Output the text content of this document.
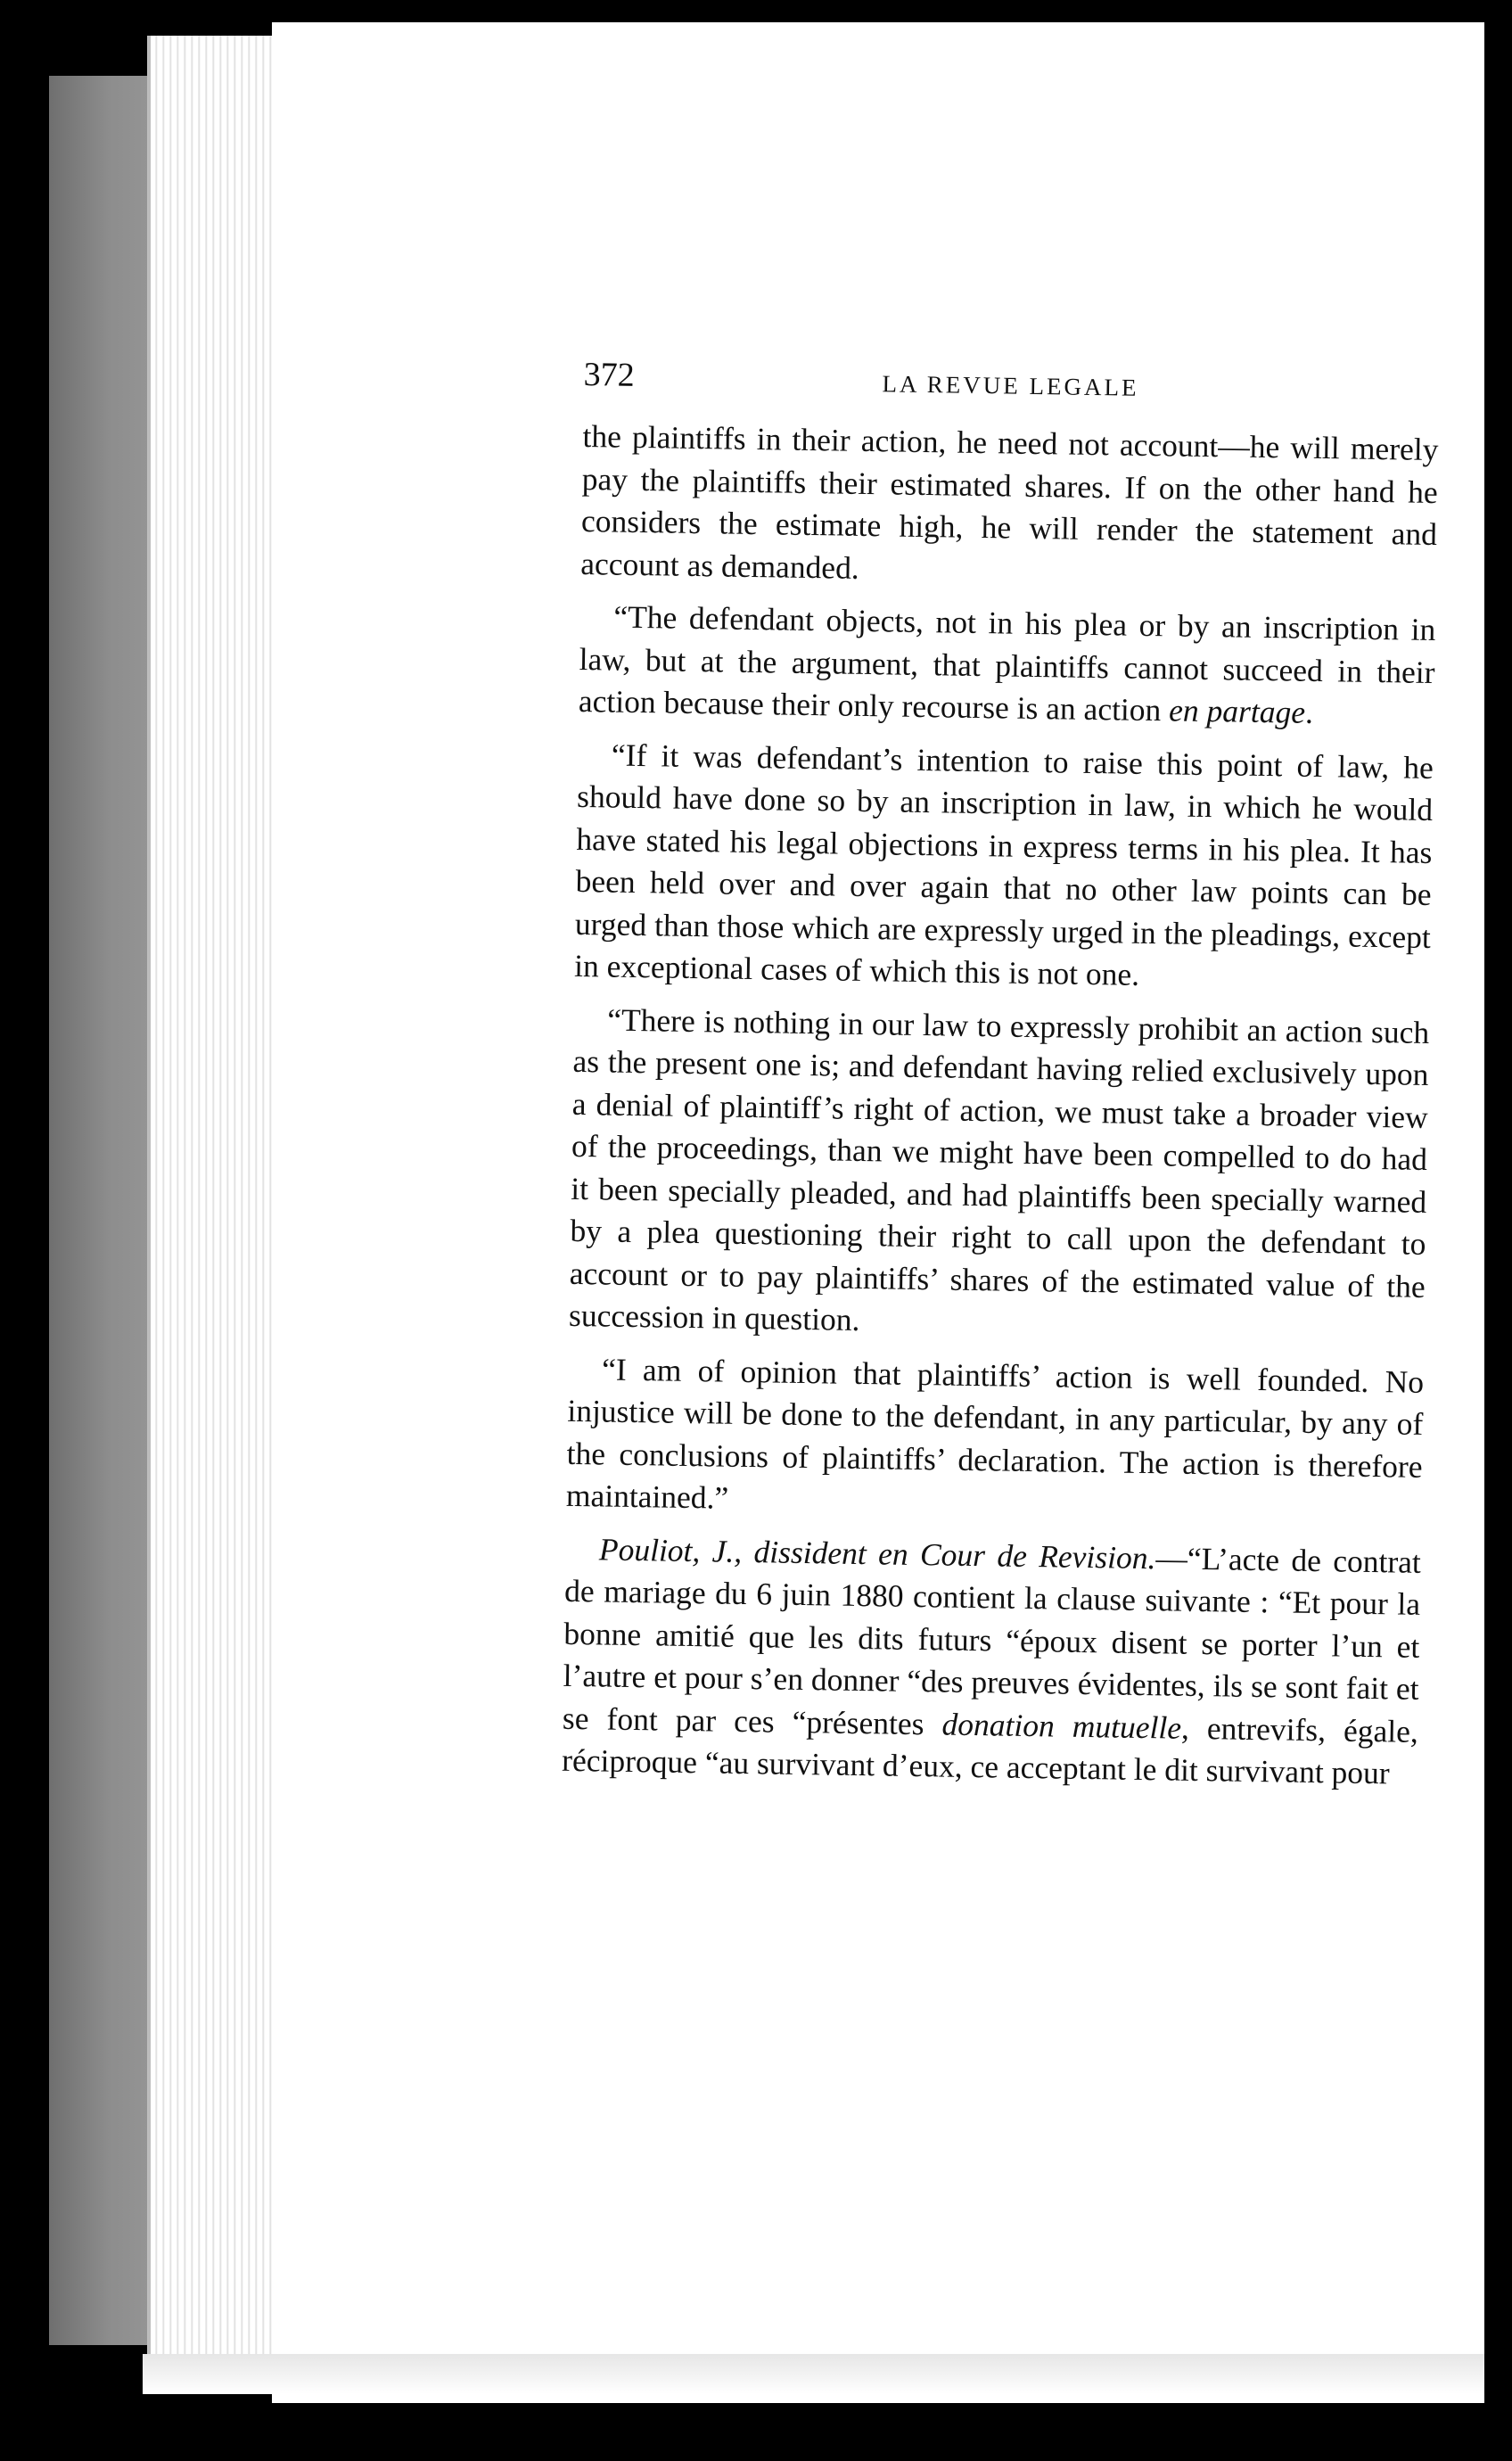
372	LA REVUE LEGALE

the plaintiffs in their action, he need not account—he will merely pay the plaintiffs their estimated shares. If on the other hand he considers the estimate high, he will render the statement and account as demanded.

“The defendant objects, not in his plea or by an inscription in law, but at the argument, that plaintiffs cannot succeed in their action because their only recourse is an action en partage.

“If it was defendant’s intention to raise this point of law, he should have done so by an inscription in law, in which he would have stated his legal objections in express terms in his plea. It has been held over and over again that no other law points can be urged than those which are expressly urged in the pleadings, except in exceptional cases of which this is not one.

“There is nothing in our law to expressly prohibit an action such as the present one is; and defendant having relied exclusively upon a denial of plaintiff’s right of action, we must take a broader view of the proceedings, than we might have been compelled to do had it been specially pleaded, and had plaintiffs been specially warned by a plea questioning their right to call upon the defendant to account or to pay plaintiffs’ shares of the estimated value of the succession in question.

“I am of opinion that plaintiffs’ action is well founded. No injustice will be done to the defendant, in any particular, by any of the conclusions of plaintiffs’ declaration. The action is therefore maintained.”

Pouliot, J., dissident en Cour de Revision.—“L’acte de contrat de mariage du 6 juin 1880 contient la clause suivante : “Et pour la bonne amitié que les dits futurs “époux disent se porter l’un et l’autre et pour s’en donner “des preuves évidentes, ils se sont fait et se font par ces “présentes donation mutuelle, entrevifs, égale, réciproque “au survivant d’eux, ce acceptant le dit survivant pour
